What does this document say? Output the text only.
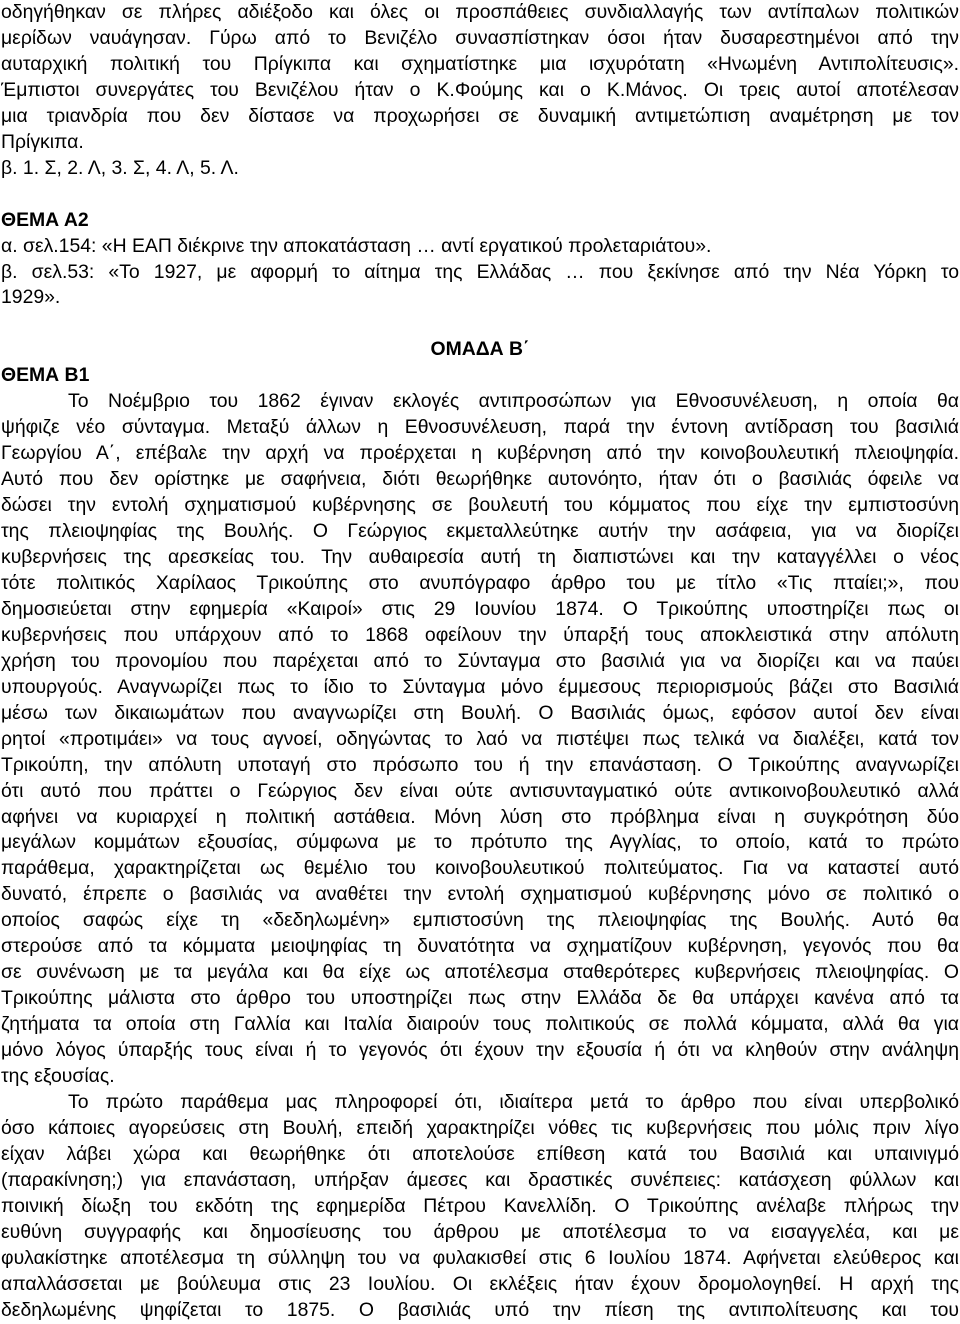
οδηγήθηκαν σε πλήρες αδιέξοδο και όλες οι προσπάθειες συνδιαλλαγής των αντίπαλων πολιτικών
μερίδων ναυάγησαν. Γύρω από το Βενιζέλο συνασπίστηκαν όσοι ήταν δυσαρεστημένοι από την
αυταρχική πολιτική του Πρίγκιπα και σχηματίστηκε μια ισχυρότατη «Ηνωμένη Αντιπολίτευσις».
Έμπιστοι συνεργάτες του Βενιζέλου ήταν ο Κ.Φούμης και ο Κ.Μάνος. Οι τρεις αυτοί αποτέλεσαν
μια τριανδρία που δεν δίστασε να προχωρήσει σε δυναμική αντιμετώπιση αναμέτρηση με τον
Πρίγκιπα.
β. 1. Σ, 2. Λ, 3. Σ, 4. Λ, 5. Λ.
ΘΕΜΑ Α2
α. σελ.154: «Η ΕΑΠ διέκρινε την αποκατάσταση … αντί εργατικού προλεταριάτου».
β. σελ.53: «Το 1927, με αφορμή το αίτημα της Ελλάδας … που ξεκίνησε από την Νέα Υόρκη το
1929».
ΟΜΑΔΑ Β΄
ΘΕΜΑ Β1
Το Νοέμβριο του 1862 έγιναν εκλογές αντιπροσώπων για Εθνοσυνέλευση, η οποία θα
ψήφιζε νέο σύνταγμα. Μεταξύ άλλων η Εθνοσυνέλευση, παρά την έντονη αντίδραση του βασιλιά
Γεωργίου Α΄, επέβαλε την αρχή να προέρχεται η κυβέρνηση από την κοινοβουλευτική πλειοψηφία.
Αυτό που δεν ορίστηκε με σαφήνεια, διότι θεωρήθηκε αυτονόητο, ήταν ότι ο βασιλιάς όφειλε να
δώσει την εντολή σχηματισμού κυβέρνησης σε βουλευτή του κόμματος που είχε την εμπιστοσύνη
της πλειοψηφίας της Βουλής. Ο Γεώργιος εκμεταλλεύτηκε αυτήν την ασάφεια, για να διορίζει
κυβερνήσεις της αρεσκείας του. Την αυθαιρεσία αυτή τη διαπιστώνει και την καταγγέλλει ο νέος
τότε πολιτικός Χαρίλαος Τρικούπης στο ανυπόγραφο άρθρο του με τίτλο «Τις πταίει;», που
δημοσιεύεται στην εφημερία «Καιροί» στις 29 Ιουνίου 1874. Ο Τρικούπης υποστηρίζει πως οι
κυβερνήσεις που υπάρχουν από το 1868 οφείλουν την ύπαρξή τους αποκλειστικά στην απόλυτη
χρήση του προνομίου που παρέχεται από το Σύνταγμα στο βασιλιά για να διορίζει και να παύει
υπουργούς. Αναγνωρίζει πως το ίδιο το Σύνταγμα μόνο έμμεσους περιορισμούς βάζει στο Βασιλιά
μέσω των δικαιωμάτων που αναγνωρίζει στη Βουλή. Ο Βασιλιάς όμως, εφόσον αυτοί δεν είναι
ρητοί «προτιμάει» να τους αγνοεί, οδηγώντας το λαό να πιστέψει πως τελικά να διαλέξει, κατά τον
Τρικούπη, την απόλυτη υποταγή στο πρόσωπο του ή την επανάσταση. Ο Τρικούπης αναγνωρίζει
ότι αυτό που πράττει ο Γεώργιος δεν είναι ούτε αντισυνταγματικό ούτε αντικοινοβουλευτικό αλλά
αφήνει να κυριαρχεί η πολιτική αστάθεια. Μόνη λύση στο πρόβλημα είναι η συγκρότηση δύο
μεγάλων κομμάτων εξουσίας, σύμφωνα με το πρότυπο της Αγγλίας, το οποίο, κατά το πρώτο
παράθεμα, χαρακτηρίζεται ως θεμέλιο του κοινοβουλευτικού πολιτεύματος. Για να καταστεί αυτό
δυνατό, έπρεπε ο βασιλιάς να αναθέτει την εντολή σχηματισμού κυβέρνησης μόνο σε πολιτικό ο
οποίος σαφώς είχε τη «δεδηλωμένη» εμπιστοσύνη της πλειοψηφίας της Βουλής. Αυτό θα
στερούσε από τα κόμματα μειοψηφίας τη δυνατότητα να σχηματίζουν κυβέρνηση, γεγονός που θα
σε συνένωση με τα μεγάλα και θα είχε ως αποτέλεσμα σταθερότερες κυβερνήσεις πλειοψηφίας. Ο
Τρικούπης μάλιστα στο άρθρο του υποστηρίζει πως στην Ελλάδα δε θα υπάρχει κανένα από τα
ζητήματα τα οποία στη Γαλλία και Ιταλία διαιρούν τους πολιτικούς σε πολλά κόμματα, αλλά θα για
μόνο λόγος ύπαρξής τους είναι ή το γεγονός ότι έχουν την εξουσία ή ότι να κληθούν στην ανάληψη
της εξουσίας.
Το πρώτο παράθεμα μας πληροφορεί ότι, ιδιαίτερα μετά το άρθρο που είναι υπερβολικό
όσο κάποιες αγορεύσεις στη Βουλή, επειδή χαρακτηρίζει νόθες τις κυβερνήσεις που μόλις πριν λίγο
είχαν λάβει χώρα και θεωρήθηκε ότι αποτελούσε επίθεση κατά του Βασιλιά και υπαινιγμό
(παρακίνηση;) για επανάσταση, υπήρξαν άμεσες και δραστικές συνέπειες: κατάσχεση φύλλων και
ποινική δίωξη του εκδότη της εφημερίδα Πέτρου Κανελλίδη. Ο Τρικούπης ανέλαβε πλήρως την
ευθύνη συγγραφής και δημοσίευσης του άρθρου με αποτέλεσμα το να εισαγγελέα, και με
φυλακίστηκε αποτέλεσμα τη σύλληψη του να φυλακισθεί στις 6 Ιουλίου 1874. Αφήνεται ελεύθερος και
απαλλάσσεται με βούλευμα στις 23 Ιουλίου. Οι εκλέξεις ήταν έχουν δρομολογηθεί. Η αρχή της
δεδηλωμένης ψηφίζεται το 1875. Ο βασιλιάς υπό την πίεση της αντιπολίτευσης και του
